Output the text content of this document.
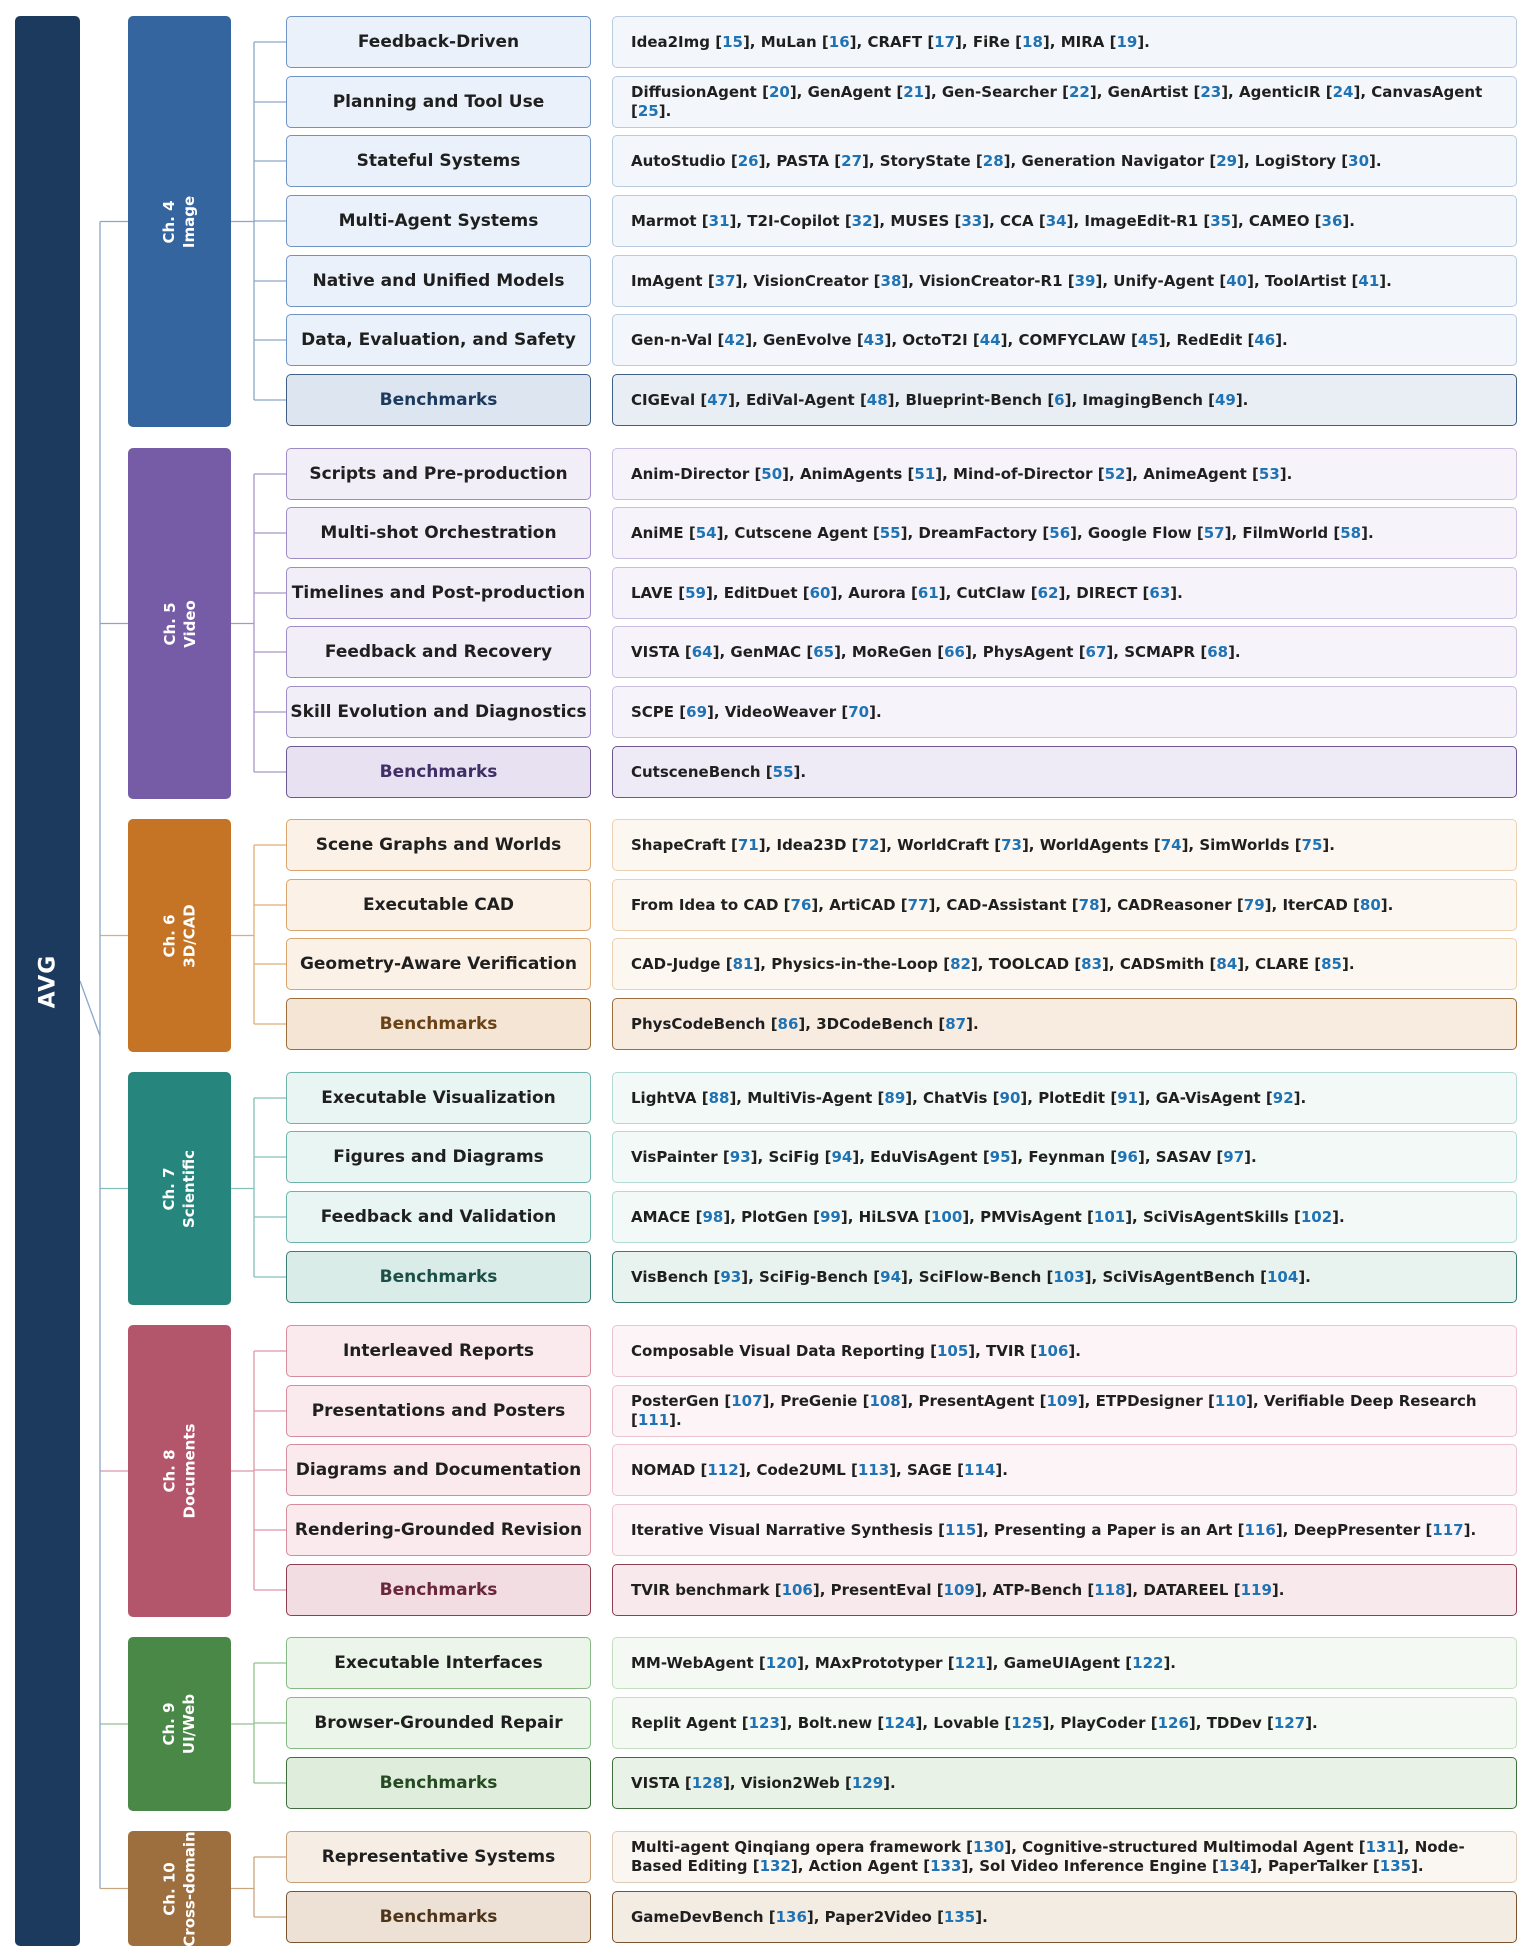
AVG
Ch. 4 Image
Feedback-Driven	Idea2Img [15], MuLan [16], CRAFT [17], FiRe [18], MIRA [19].
Planning and Tool Use	DiffusionAgent [20], GenAgent [21], Gen-Searcher [22], GenArtist [23], AgenticIR [24], CanvasAgent [25].
Stateful Systems	AutoStudio [26], PASTA [27], StoryState [28], Generation Navigator [29], LogiStory [30].
Multi-Agent Systems	Marmot [31], T2I-Copilot [32], MUSES [33], CCA [34], ImageEdit-R1 [35], CAMEO [36].
Native and Unified Models	ImAgent [37], VisionCreator [38], VisionCreator-R1 [39], Unify-Agent [40], ToolArtist [41].
Data, Evaluation, and Safety	Gen-n-Val [42], GenEvolve [43], OctoT2I [44], COMFYCLAW [45], RedEdit [46].
Benchmarks	CIGEval [47], EdiVal-Agent [48], Blueprint-Bench [6], ImagingBench [49].
Ch. 5 Video
Scripts and Pre-production	Anim-Director [50], AnimAgents [51], Mind-of-Director [52], AnimeAgent [53].
Multi-shot Orchestration	AniME [54], Cutscene Agent [55], DreamFactory [56], Google Flow [57], FilmWorld [58].
Timelines and Post-production	LAVE [59], EditDuet [60], Aurora [61], CutClaw [62], DIRECT [63].
Feedback and Recovery	VISTA [64], GenMAC [65], MoReGen [66], PhysAgent [67], SCMAPR [68].
Skill Evolution and Diagnostics	SCPE [69], VideoWeaver [70].
Benchmarks	CutsceneBench [55].
Ch. 6 3D/CAD
Scene Graphs and Worlds	ShapeCraft [71], Idea23D [72], WorldCraft [73], WorldAgents [74], SimWorlds [75].
Executable CAD	From Idea to CAD [76], ArtiCAD [77], CAD-Assistant [78], CADReasoner [79], IterCAD [80].
Geometry-Aware Verification	CAD-Judge [81], Physics-in-the-Loop [82], TOOLCAD [83], CADSmith [84], CLARE [85].
Benchmarks	PhysCodeBench [86], 3DCodeBench [87].
Ch. 7 Scientific
Executable Visualization	LightVA [88], MultiVis-Agent [89], ChatVis [90], PlotEdit [91], GA-VisAgent [92].
Figures and Diagrams	VisPainter [93], SciFig [94], EduVisAgent [95], Feynman [96], SASAV [97].
Feedback and Validation	AMACE [98], PlotGen [99], HiLSVA [100], PMVisAgent [101], SciVisAgentSkills [102].
Benchmarks	VisBench [93], SciFig-Bench [94], SciFlow-Bench [103], SciVisAgentBench [104].
Ch. 8 Documents
Interleaved Reports	Composable Visual Data Reporting [105], TVIR [106].
Presentations and Posters	PosterGen [107], PreGenie [108], PresentAgent [109], ETPDesigner [110], Verifiable Deep Research [111].
Diagrams and Documentation	NOMAD [112], Code2UML [113], SAGE [114].
Rendering-Grounded Revision	Iterative Visual Narrative Synthesis [115], Presenting a Paper is an Art [116], DeepPresenter [117].
Benchmarks	TVIR benchmark [106], PresentEval [109], ATP-Bench [118], DATAREEL [119].
Ch. 9 UI/Web
Executable Interfaces	MM-WebAgent [120], MAxPrototyper [121], GameUIAgent [122].
Browser-Grounded Repair	Replit Agent [123], Bolt.new [124], Lovable [125], PlayCoder [126], TDDev [127].
Benchmarks	VISTA [128], Vision2Web [129].
Ch. 10 Cross-domain	Representative Systems	Multi-agent Qinqiang opera framework [130], Cognitive-structured Multimodal Agent [131], Node-Based Editing [132], Action Agent [133], Sol Video Inference Engine [134], PaperTalker [135].
Benchmarks	GameDevBench [136], Paper2Video [135].
